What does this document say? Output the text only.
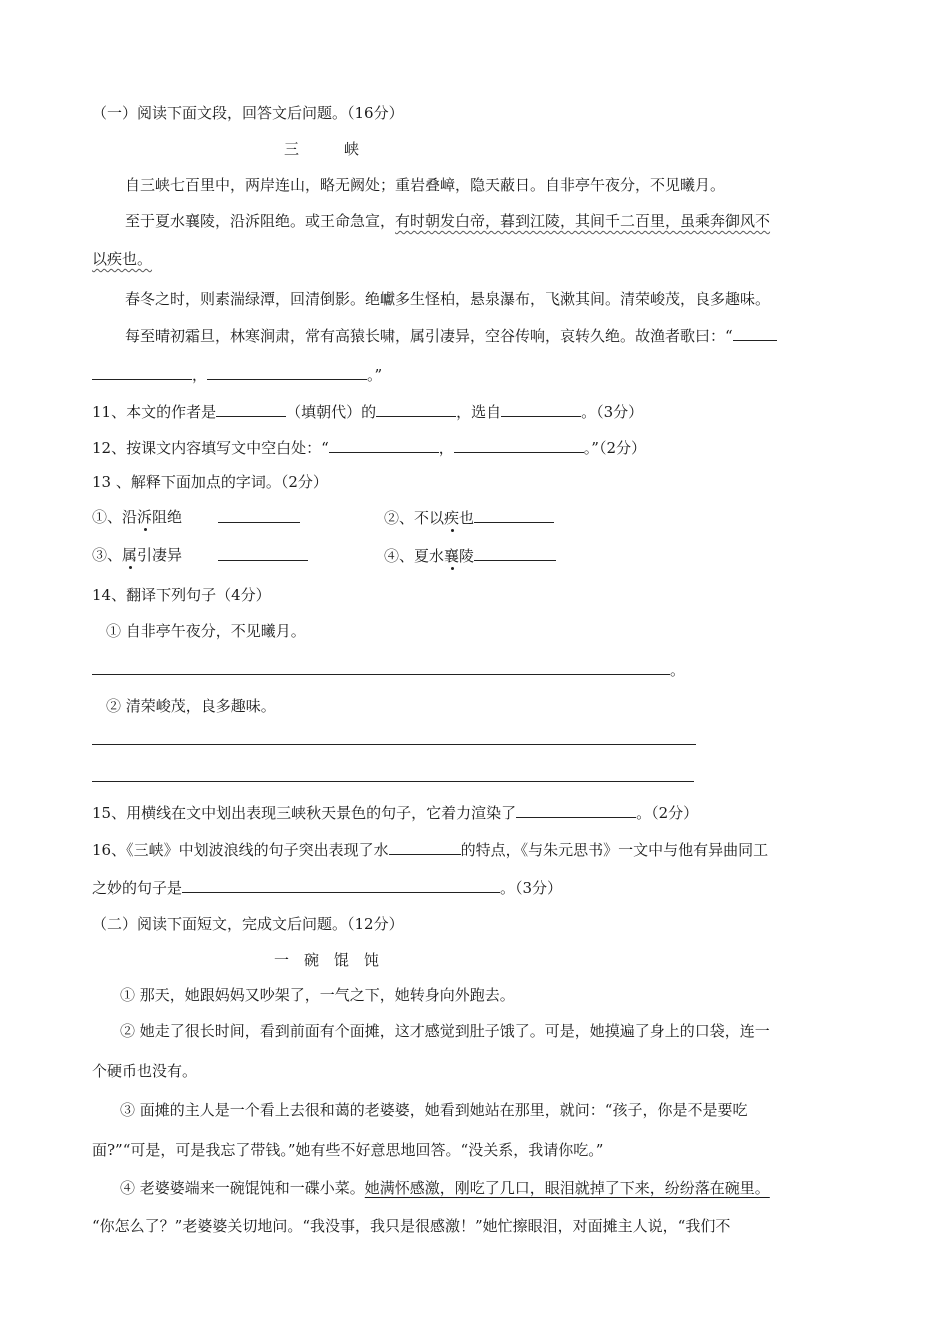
（一）阅读下面文段，回答文后问题。（16分）
三　　　峡
自三峡七百里中，两岸连山，略无阙处；重岩叠嶂，隐天蔽日。自非亭午夜分，不见曦月。
至于夏水襄陵，沿泝阻绝。或王命急宣，有时朝发白帝，暮到江陵，其间千二百里，虽乘奔御风不
以疾也。
春冬之时，则素湍绿潭，回清倒影。绝巘多生怪柏，悬泉瀑布，飞漱其间。清荣峻茂，良多趣味。
每至晴初霜旦，林寒涧肃，常有高猿长啸，属引凄异，空谷传响，哀转久绝。故渔者歌曰：“
，	。”
11、本文的作者是	（填朝代）的	，选自	。（3分）
12、按课文内容填写文中空白处：“	，	。”（2分）
13 、解释下面加点的字词。（2分）
①、沿泝阻绝	②、不以疾也
③、属引凄异	④、夏水襄陵
14、翻译下列句子（4分）
① 自非亭午夜分，不见曦月。
。
② 清荣峻茂，良多趣味。
15、用横线在文中划出表现三峡秋天景色的句子，它着力渲染了	。（2分）
16、《三峡》中划波浪线的句子突出表现了水	的特点，《与朱元思书》一文中与他有异曲同工
之妙的句子是	。（3分）
（二）阅读下面短文，完成文后问题。（12分）
一　碗　馄　饨
① 那天，她跟妈妈又吵架了，一气之下，她转身向外跑去。
② 她走了很长时间，看到前面有个面摊，这才感觉到肚子饿了。可是，她摸遍了身上的口袋，连一
个硬币也没有。
③ 面摊的主人是一个看上去很和蔼的老婆婆，她看到她站在那里，就问：“孩子，你是不是要吃
面?”“可是，可是我忘了带钱。”她有些不好意思地回答。“没关系，我请你吃。”
④ 老婆婆端来一碗馄饨和一碟小菜。她满怀感激，刚吃了几口，眼泪就掉了下来，纷纷落在碗里。
“你怎么了？”老婆婆关切地问。“我没事，我只是很感激！”她忙擦眼泪，对面摊主人说，“我们不
